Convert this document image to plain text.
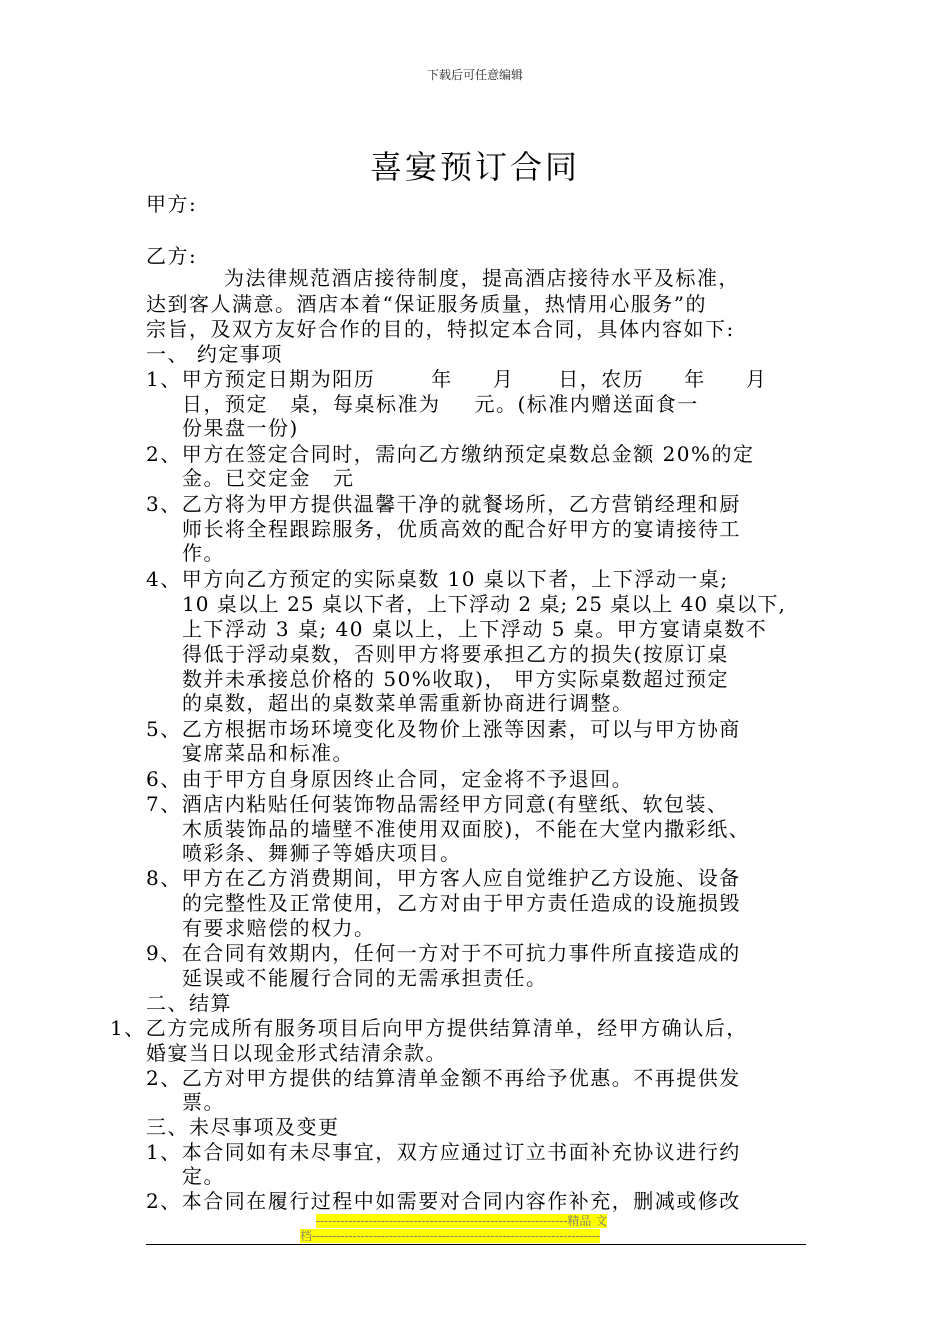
下载后可任意编辑
喜宴预订合同
甲方:
乙方:
为法律规范酒店接待制度，提高酒店接待水平及标准，
达到客人满意。酒店本着“保证服务质量，热情用心服务”的
宗旨，及双方友好合作的目的，特拟定本合同，具体内容如下:
一、 约定事项
1、甲方预定日期为阳历	年 月 日，农历 年 月
日，预定 桌，每桌标准为 元。(标准内赠送面食一
份果盘一份)
2、甲方在签定合同时，需向乙方缴纳预定桌数总金额 20%的定
金。已交定金 元
3、乙方将为甲方提供温馨干净的就餐场所，乙方营销经理和厨
师长将全程跟踪服务，优质高效的配合好甲方的宴请接待工
作。
4、甲方向乙方预定的实际桌数 10 桌以下者，上下浮动一桌;
10 桌以上 25 桌以下者，上下浮动 2 桌; 25 桌以上 40 桌以下,
上下浮动 3 桌; 40 桌以上，上下浮动 5 桌。甲方宴请桌数不
得低于浮动桌数，否则甲方将要承担乙方的损失(按原订桌
数并未承接总价格的 50%收取)， 甲方实际桌数超过预定
的桌数，超出的桌数菜单需重新协商进行调整。
5、乙方根据市场环境变化及物价上涨等因素，可以与甲方协商
宴席菜品和标准。
6、由于甲方自身原因终止合同，定金将不予退回。
7、酒店内粘贴任何装饰物品需经甲方同意(有壁纸、软包装、
木质装饰品的墙壁不准使用双面胶)，不能在大堂内撒彩纸、
喷彩条、舞狮子等婚庆项目。
8、甲方在乙方消费期间，甲方客人应自觉维护乙方设施、设备
的完整性及正常使用，乙方对由于甲方责任造成的设施损毁
有要求赔偿的权力。
9、在合同有效期内，任何一方对于不可抗力事件所直接造成的
延误或不能履行合同的无需承担责任。
二、结算
1、乙方完成所有服务项目后向甲方提供结算清单，经甲方确认后，
婚宴当日以现金形式结清余款。
2、乙方对甲方提供的结算清单金额不再给予优惠。不再提供发
票。
三、未尽事项及变更
1、本合同如有未尽事宜，双方应通过订立书面补充协议进行约
定。
2、本合同在履行过程中如需要对合同内容作补充，删减或修改
--------------------------------------------------------------精品 文
档-----------------------------------------------------------------------
